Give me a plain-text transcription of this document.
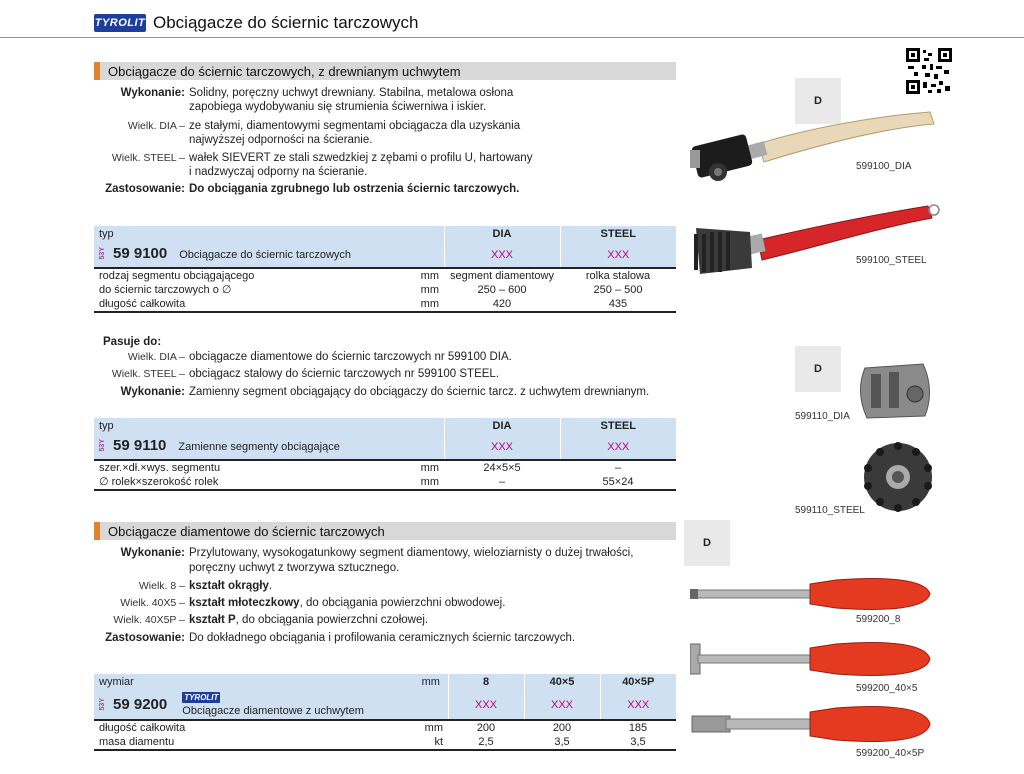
TYROLIT Obciągacze do ściernic tarczowych
Obciągacze do ściernic tarczowych, z drewnianym uchwytem
Wykonanie: Solidny, poręczny uchwyt drewniany. Stabilna, metalowa osłona
zapobiega wydobywaniu się strumienia ściwerniwa i iskier.
Wielk. DIA – ze stałymi, diamentowymi segmentami obciągacza dla uzyskania
najwyższej odporności na ścieranie.
Wielk. STEEL – wałek SIEVERT ze stali szwedzkiej z zębami o profilu U, hartowany
i nadzwyczaj odporny na ścieranie.
Zastosowanie: Do obciągania zgrubnego lub ostrzenia ściernic tarczowych.
typ		DIA	STEEL

53Y 59 9100 Obciągacze do ściernic tarczowych		XXX	XXX
rodzaj segmentu obciągającego	mm	segment diamentowy	rolka stalowa
do ściernic tarczowych o ∅	mm	250 – 600	250 – 500
długość całkowita	mm	420	435
Pasuje do:
Wielk. DIA – obciągacze diamentowe do ściernic tarczowych nr 599100 DIA.
Wielk. STEEL – obciągacz stalowy do ściernic tarczowych nr 599100 STEEL.
Wykonanie: Zamienny segment obciągający do obciągaczy do ściernic tarcz. z uchwytem drewnianym.
typ		DIA	STEEL

53Y 59 9110 Zamienne segmenty obciągające		XXX	XXX
szer.×dł.×wys. segmentu	mm	24×5×5	–
∅ rolek×szerokość rolek	mm	–	55×24
Obciągacze diamentowe do ściernic tarczowych
Wykonanie: Przylutowany, wysokogatunkowy segment diamentowy, wieloziarnisty o dużej trwałości,
poręczny uchwyt z tworzywa sztucznego.
Wielk. 8 – kształt okrągły.
Wielk. 40X5 – kształt młoteczkowy, do obciągania powierzchni obwodowej.
Wielk. 40X5P – kształt P, do obciągania powierzchni czołowej.
Zastosowanie: Do dokładnego obciągania i profilowania ceramicznych ściernic tarczowych.
wymiar	mm	8	40×5	40×5P

53Y 59 9200 TYROLIT
Obciągacze diamentowe z uchwytem		XXX	XXX	XXX
długość całkowita	mm	200	200	185
masa diamentu	kt	2,5	3,5	3,5
D
D
D
599100_DIA
599100_STEEL
599110_DIA
599110_STEEL
599200_8
599200_40×5
599200_40×5P
